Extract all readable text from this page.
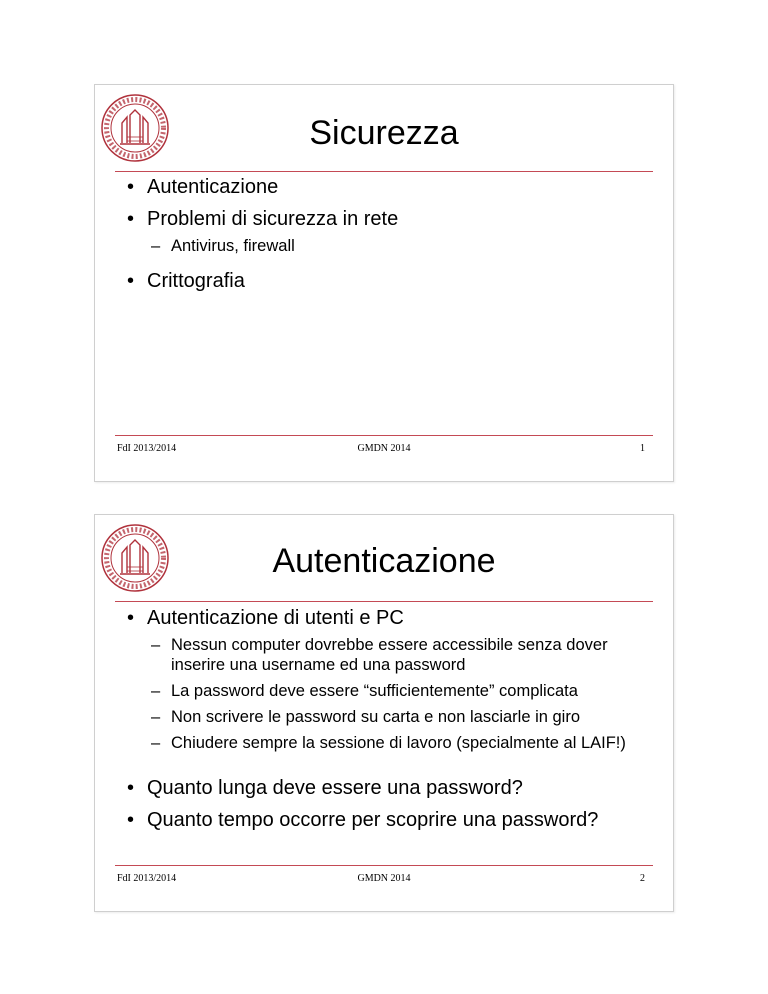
Sicurezza
• Autenticazione
• Problemi di sicurezza in rete
– Antivirus, firewall
• Crittografia
FdI 2013/2014	GMDN 2014	1
Autenticazione
• Autenticazione di utenti e PC
– Nessun computer dovrebbe essere accessibile senza dover inserire una username ed una password
– La password deve essere “sufficientemente” complicata
– Non scrivere le password su carta e non lasciarle in giro
– Chiudere sempre la sessione di lavoro (specialmente al LAIF!)
• Quanto lunga deve essere una password?
• Quanto tempo occorre per scoprire una password?
FdI 2013/2014	GMDN 2014	2
